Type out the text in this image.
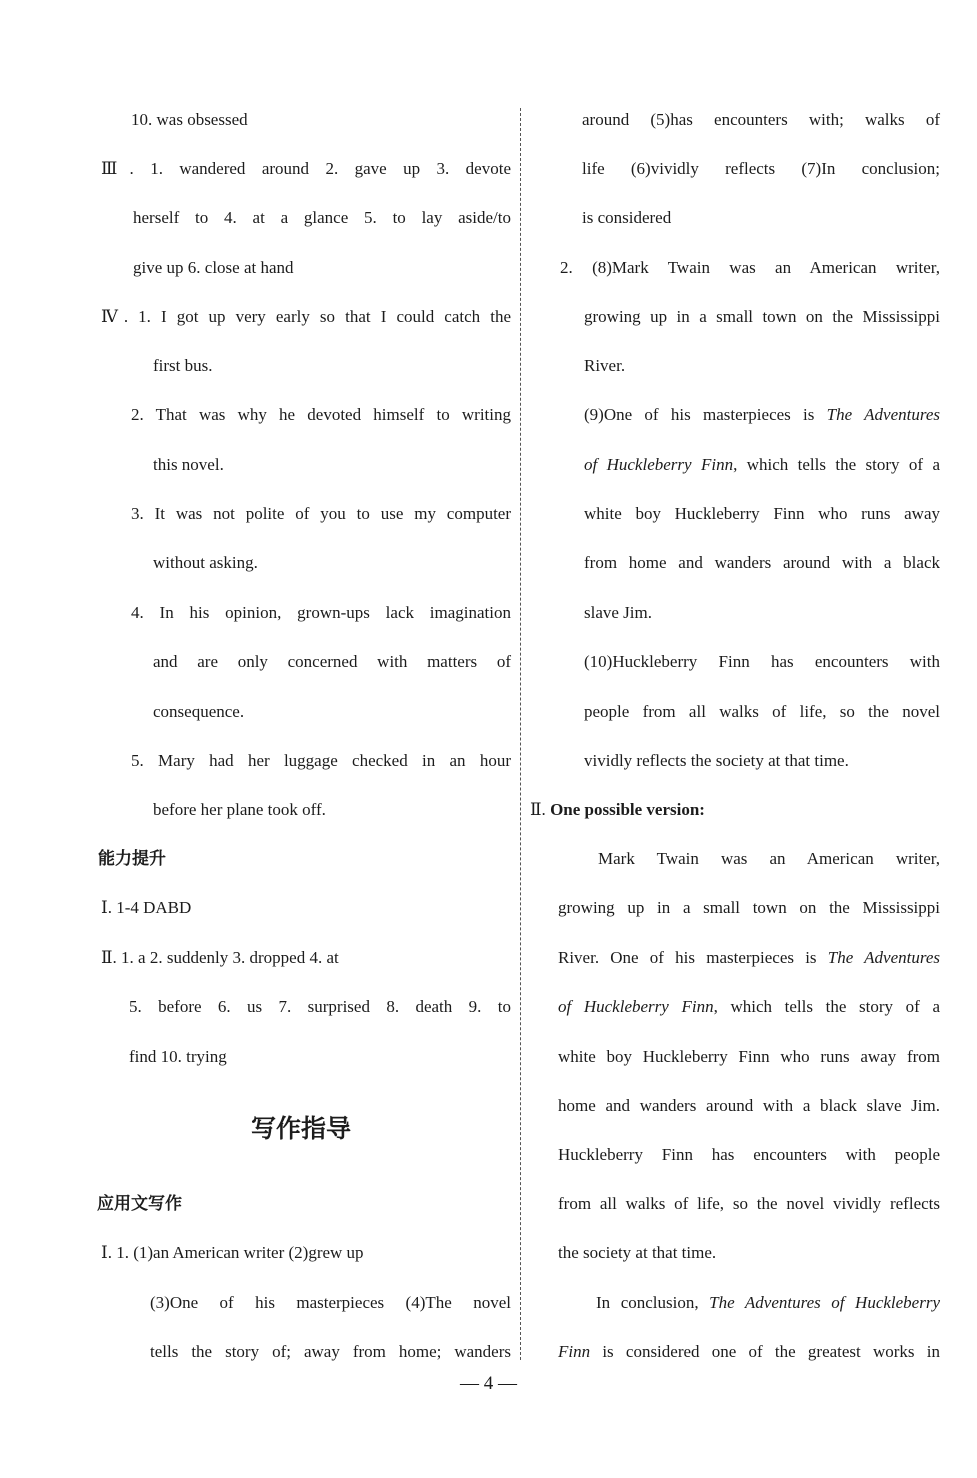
10. was obsessed
Ⅲ. 1. wandered around 2. gave up 3. devote
herself to 4. at a glance 5. to lay aside/to
give up 6. close at hand
Ⅳ. 1. I got up very early so that I could catch the
first bus.
2. That was why he devoted himself to writing
this novel.
3. It was not polite of you to use my computer
without asking.
4. In his opinion, grown-ups lack imagination
and are only concerned with matters of
consequence.
5. Mary had her luggage checked in an hour
before her plane took off.
能力提升
Ⅰ. 1-4 DABD
Ⅱ. 1. a 2. suddenly 3. dropped 4. at
5. before 6. us 7. surprised 8. death 9. to
find 10. trying
写作指导
应用文写作
Ⅰ. 1. (1)an American writer (2)grew up
(3)One of his masterpieces (4)The novel
tells the story of; away from home; wanders
around (5)has encounters with; walks of
life (6)vividly reflects (7)In conclusion;
is considered
2. (8)Mark Twain was an American writer,
growing up in a small town on the Mississippi
River.
(9)One of his masterpieces is The Adventures
of Huckleberry Finn, which tells the story of a
white boy Huckleberry Finn who runs away
from home and wanders around with a black
slave Jim.
(10)Huckleberry Finn has encounters with
people from all walks of life, so the novel
vividly reflects the society at that time.
Ⅱ. One possible version:
Mark Twain was an American writer,
growing up in a small town on the Mississippi
River. One of his masterpieces is The Adventures
of Huckleberry Finn, which tells the story of a
white boy Huckleberry Finn who runs away from
home and wanders around with a black slave Jim.
Huckleberry Finn has encounters with people
from all walks of life, so the novel vividly reflects
the society at that time.
In conclusion, The Adventures of Huckleberry
Finn is considered one of the greatest works in
— 4 —
